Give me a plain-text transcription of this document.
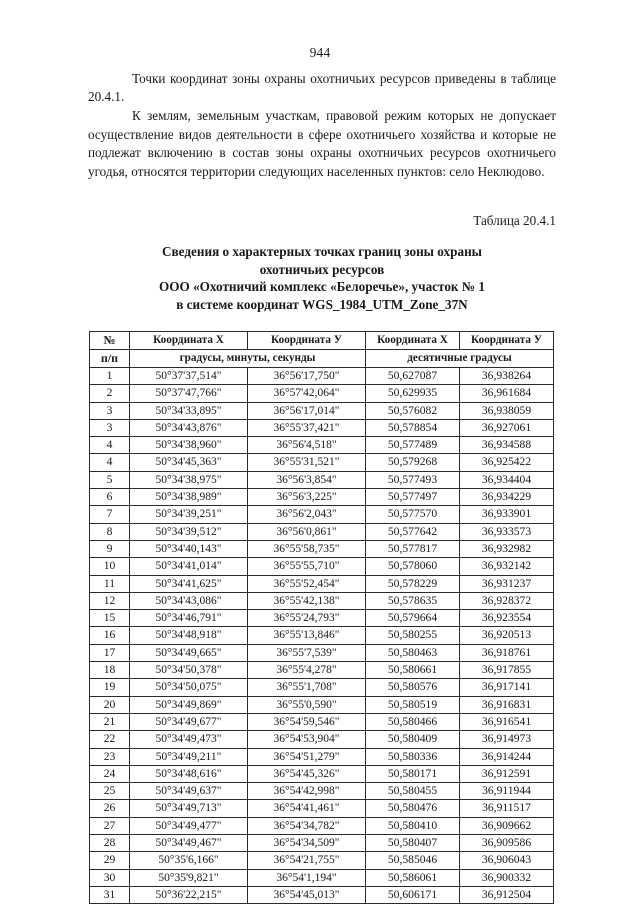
944

Точки координат зоны охраны охотничьих ресурсов приведены в таблице 20.4.1.

К землям, земельным участкам, правовой режим которых не допускает осуществление видов деятельности в сфере охотничьего хозяйства и которые не подлежат включению в состав зоны охраны охотничьих ресурсов охотничьего угодья, относятся территории следующих населенных пунктов: село Неклюдово.

Таблица 20.4.1
Сведения о характерных точках границ зоны охраны
охотничьих ресурсов
ООО «Охотничий комплекс «Белоречье», участок № 1
в системе координат WGS_1984_UTM_Zone_37N
№	Координата X	Координата У	Координата X	Координата У
п/п	градусы, минуты, секунды		десятичные градусы	
1	50°37'37,514"	36°56'17,750"	50,627087	36,938264
2	50°37'47,766"	36°57'42,064"	50,629935	36,961684
3	50°34'33,895"	36°56'17,014"	50,576082	36,938059
3	50°34'43,876"	36°55'37,421"	50,578854	36,927061
4	50°34'38,960"	36°56'4,518"	50,577489	36,934588
4	50°34'45,363"	36°55'31,521"	50,579268	36,925422
5	50°34'38,975"	36°56'3,854"	50,577493	36,934404
6	50°34'38,989"	36°56'3,225"	50,577497	36,934229
7	50°34'39,251"	36°56'2,043"	50,577570	36,933901
8	50°34'39,512"	36°56'0,861"	50,577642	36,933573
9	50°34'40,143"	36°55'58,735"	50,577817	36,932982
10	50°34'41,014"	36°55'55,710"	50,578060	36,932142
11	50°34'41,625"	36°55'52,454"	50,578229	36,931237
12	50°34'43,086"	36°55'42,138"	50,578635	36,928372
15	50°34'46,791"	36°55'24,793"	50,579664	36,923554
16	50°34'48,918"	36°55'13,846"	50,580255	36,920513
17	50°34'49,665"	36°55'7,539"	50,580463	36,918761
18	50°34'50,378"	36°55'4,278"	50,580661	36,917855
19	50°34'50,075"	36°55'1,708"	50,580576	36,917141
20	50°34'49,869"	36°55'0,590"	50,580519	36,916831
21	50°34'49,677"	36°54'59,546"	50,580466	36,916541
22	50°34'49,473"	36°54'53,904"	50,580409	36,914973
23	50°34'49,211"	36°54'51,279"	50,580336	36,914244
24	50°34'48,616"	36°54'45,326"	50,580171	36,912591
25	50°34'49,637"	36°54'42,998"	50,580455	36,911944
26	50°34'49,713"	36°54'41,461"	50,580476	36,911517
27	50°34'49,477"	36°54'34,782"	50,580410	36,909662
28	50°34'49,467"	36°54'34,509"	50,580407	36,909586
29	50°35'6,166"	36°54'21,755"	50,585046	36,906043
30	50°35'9,821"	36°54'1,194"	50,586061	36,900332
31	50°36'22,215"	36°54'45,013"	50,606171	36,912504
